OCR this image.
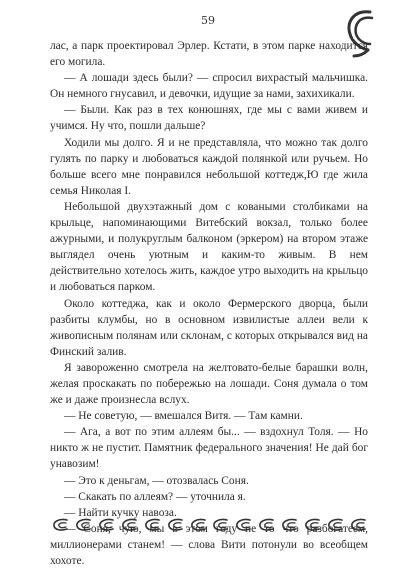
59

лас, а парк проектировал Эрлер. Кстати, в этом парке находится его могила.

— А лошади здесь были? — спросил вихрастый мальчишка. Он немного гнусавил, и девочки, идущие за нами, захихикали.

— Были. Как раз в тех конюшнях, где мы с вами живем и учимся. Ну что, пошли дальше?

Ходили мы долго. Я и не представляла, что можно так долго гулять по парку и любоваться каждой полянкой или ручьем. Но больше всего мне понравился небольшой коттедж,Ю где жила семья Николая I.

Небольшой двухэтажный дом с коваными столбиками на крыльце, напоминающими Витебский вокзал, только более ажурными, и полукруглым балконом (эркером) на втором этаже выглядел очень уютным и каким-то живым. В нем действительно хотелось жить, каждое утро выходить на крыльцо и любоваться парком.

Около коттеджа, как и около Фермерского дворца, были разбиты клумбы, но в основном извилистые аллеи вели к живописным полянам или склонам, с которых открывался вид на Финский залив.

Я завороженно смотрела на желтовато-белые барашки волн, желая проскакать по побережью на лошади. Соня думала о том же и даже произнесла вслух.

— Не советую, — вмешался Витя. — Там камни.

— Ага, а вот по этим аллеям бы... — вздохнул Толя. — Но никто ж не пустит. Памятник федерального значения! Не дай бог унавозим!

— Это к деньгам, — отозвалась Соня.

— Скакать по аллеям? — уточнила я.

— Найти кучку навоза.

— Соня, чую, мы в этом году не то что разбогатеем, миллионерами станем! — слова Вити потонули во всеобщем хохоте.
